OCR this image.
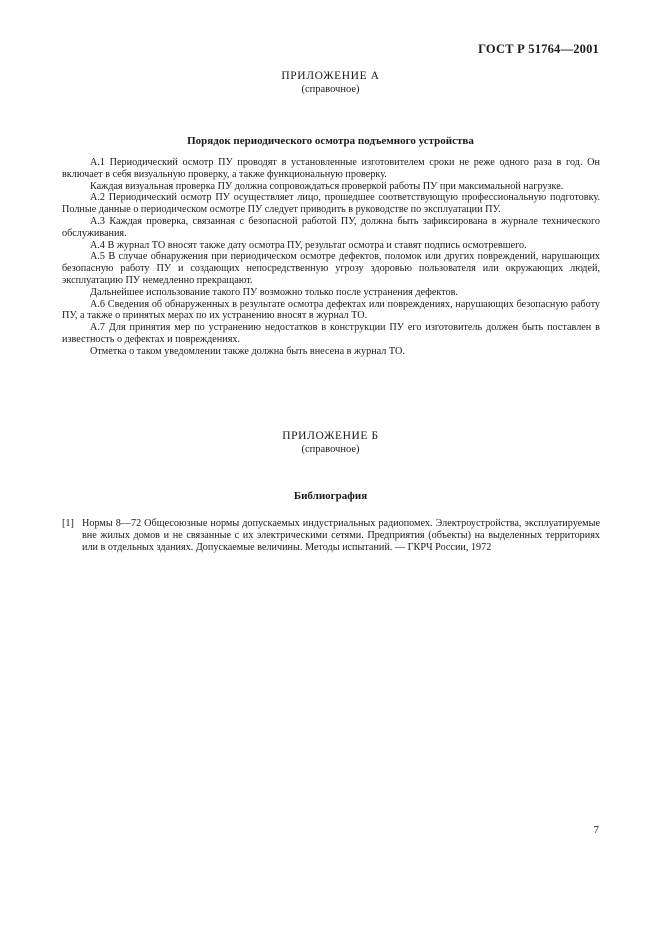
ГОСТ Р 51764—2001
ПРИЛОЖЕНИЕ А
(справочное)
Порядок периодического осмотра подъемного устройства

А.1 Периодический осмотр ПУ проводят в установленные изготовителем сроки не реже одного раза в год. Он включает в себя визуальную проверку, а также функциональную проверку.

Каждая визуальная проверка ПУ должна сопровождаться проверкой работы ПУ при максимальной нагрузке.

А.2 Периодический осмотр ПУ осуществляет лицо, прошедшее соответствующую профессиональную подготовку. Полные данные о периодическом осмотре ПУ следует приводить в руководстве по эксплуатации ПУ.

А.3 Каждая проверка, связанная с безопасной работой ПУ, должна быть зафиксирована в журнале технического обслуживания.

А.4 В журнал ТО вносят также дату осмотра ПУ, результат осмотра и ставят подпись осмотревшего.

А.5 В случае обнаружения при периодическом осмотре дефектов, поломок или других повреждений, нарушающих безопасную работу ПУ и создающих непосредственную угрозу здоровью пользователя или окружающих людей, эксплуатацию ПУ немедленно прекращают.

Дальнейшее использование такого ПУ возможно только после устранения дефектов.

А.6 Сведения об обнаруженных в результате осмотра дефектах или повреждениях, нарушающих безопасную работу ПУ, а также о принятых мерах по их устранению вносят в журнал ТО.

А.7 Для принятия мер по устранению недостатков в конструкции ПУ его изготовитель должен быть поставлен в известность о дефектах и повреждениях.

Отметка о таком уведомлении также должна быть внесена в журнал ТО.

ПРИЛОЖЕНИЕ Б
(справочное)
Библиография
[1] Нормы 8—72 Общесоюзные нормы допускаемых индустриальных радиопомех. Электроустройства, эксплуатируемые вне жилых домов и не связанные с их электрическими сетями. Предприятия (объекты) на выделенных территориях или в отдельных зданиях. Допускаемые величины. Методы испытаний. — ГКРЧ России, 1972
7
